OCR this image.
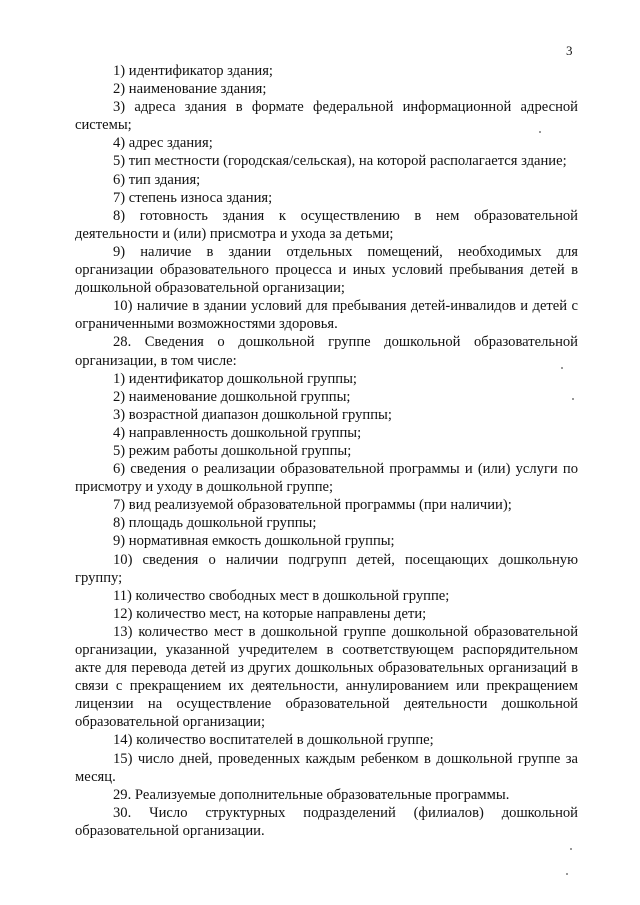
3

1) идентификатор здания;

2) наименование здания;

3) адреса здания в формате федеральной информационной адресной системы;

4) адрес здания;

5) тип местности (городская/сельская), на которой располагается здание;

6) тип здания;

7) степень износа здания;

8) готовность здания к осуществлению в нем образовательной деятельности и (или) присмотра и ухода за детьми;

9) наличие в здании отдельных помещений, необходимых для организации образовательного процесса и иных условий пребывания детей в дошкольной образовательной организации;

10) наличие в здании условий для пребывания детей-инвалидов и детей с ограниченными возможностями здоровья.

28. Сведения о дошкольной группе дошкольной образовательной организации, в том числе:

1) идентификатор дошкольной группы;

2) наименование дошкольной группы;

3) возрастной диапазон дошкольной группы;

4) направленность дошкольной группы;

5) режим работы дошкольной группы;

6) сведения о реализации образовательной программы и (или) услуги по присмотру и уходу в дошкольной группе;

7) вид реализуемой образовательной программы (при наличии);

8) площадь дошкольной группы;

9) нормативная емкость дошкольной группы;

10) сведения о наличии подгрупп детей, посещающих дошкольную группу;

11) количество свободных мест в дошкольной группе;

12) количество мест, на которые направлены дети;

13) количество мест в дошкольной группе дошкольной образовательной организации, указанной учредителем в соответствующем распорядительном акте для перевода детей из других дошкольных образовательных организаций в связи с прекращением их деятельности, аннулированием или прекращением лицензии на осуществление образовательной деятельности дошкольной образовательной организации;

14) количество воспитателей в дошкольной группе;

15) число дней, проведенных каждым ребенком в дошкольной группе за месяц.

29. Реализуемые дополнительные образовательные программы.

30. Число структурных подразделений (филиалов) дошкольной образовательной организации.
